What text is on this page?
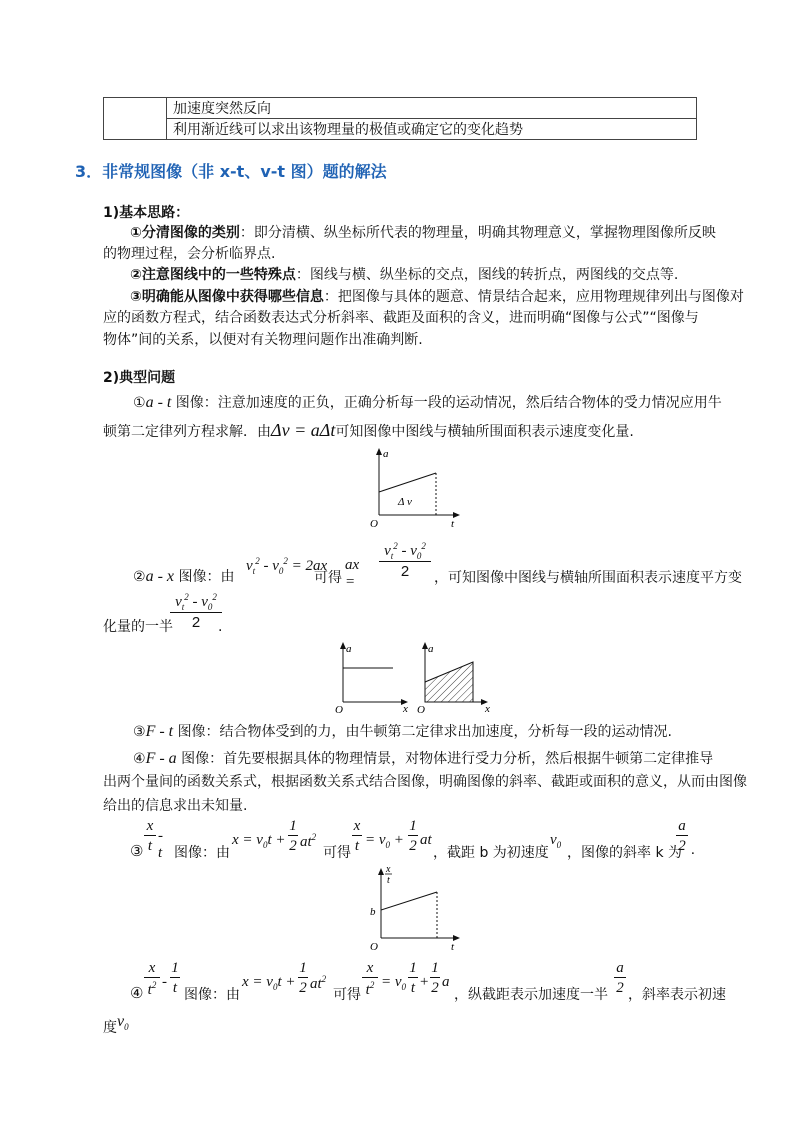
	加速度突然反向
利用渐近线可以求出该物理量的极值或确定它的变化趋势
3．非常规图像（非 x-t、v-t 图）题的解法
1)基本思路：
①分清图像的类别：即分清横、纵坐标所代表的物理量，明确其物理意义，掌握物理图像所反映
的物理过程，会分析临界点.
②注意图线中的一些特殊点：图线与横、纵坐标的交点，图线的转折点，两图线的交点等.
③明确能从图像中获得哪些信息：把图像与具体的题意、情景结合起来，应用物理规律列出与图像对
应的函数方程式，结合函数表达式分析斜率、截距及面积的含义，进而明确“图像与公式”“图像与
物体”间的关系，以便对有关物理问题作出准确判断.
2)典型问题
①a - t 图像：注意加速度的正负，正确分析每一段的运动情况，然后结合物体的受力情况应用牛
顿第二定律列方程求解．由Δv = aΔt可知图像中图线与横轴所围面积表示速度变化量.
a
t
O
Δ v
②a - x 图像：由
$v_t^2 - v_0^2 = 2ax$
可得
ax =
$v_t^2 - v_0^2$
2	，可知图像中图线与横轴所围面积表示速度平方变
化量的一半
$v_t^2 - v_0^2$
2	.
a
x
O
a
x
O
③F - t 图像：结合物体受到的力，由牛顿第二定律求出加速度，分析每一段的运动情况.
④F - a 图像：首先要根据具体的物理情景，对物体进行受力分析，然后根据牛顿第二定律推导
出两个量间的函数关系式，根据函数关系式结合图像，明确图像的斜率、截距或面积的意义，从而由图像
给出的信息求出未知量.
③
x
t
- t 图像：由
$x = v_0t$ +
1
2 $at^2$
可得
x
$t = v_0$ +
1
2 at
，截距 b 为初速度
$v_0$ ，图像的斜率 k 为
a
2 .
x
t
b
t
O
④
x
$t^2$ -
1
t 图像：由
$x = v_0t$ +
1
2 $at^2$
可得
x
$t^2 = v_0$
1
t +
1
2 a
，纵截距表示加速度一半
a
2 ，斜率表示初速
度$v_0$
